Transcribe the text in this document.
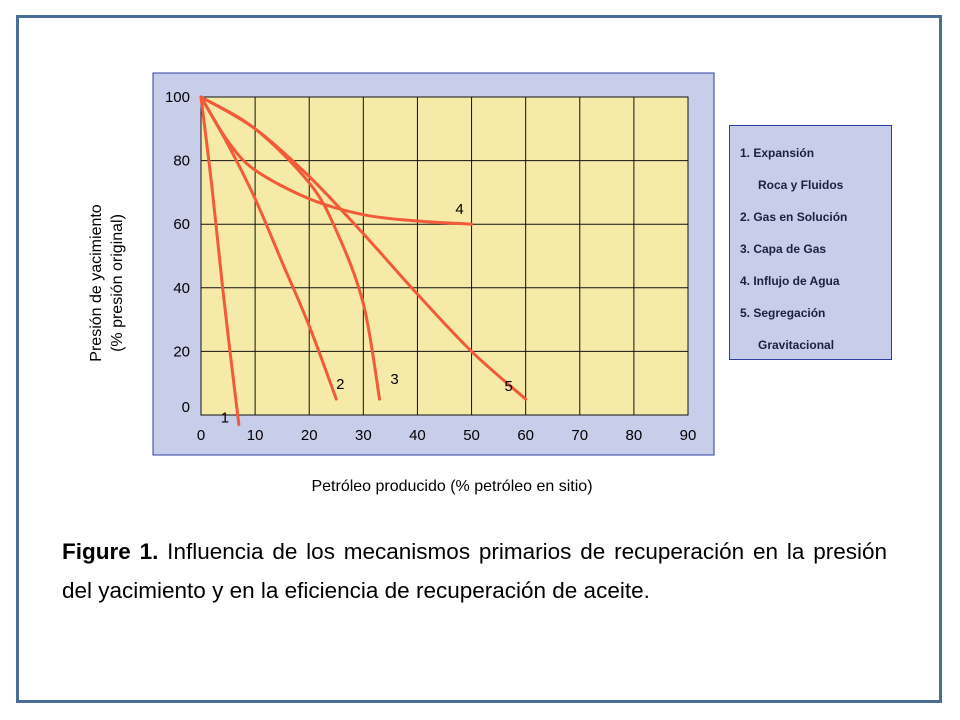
0	10 20 30 40 50 60 70 80 90
100
80
60
40
20
0
1
2	3
4
5
Petróleo producido (% petróleo en sitio)
Presión de yacimiento (% presión original)
1. Expansión
Roca y Fluidos
2. Gas en Solución
3. Capa de Gas
4. Influjo de Agua
5. Segregación
Gravitacional
Figure 1. Influencia de los mecanismos primarios de recuperación en la presión del yacimiento y en la eficiencia de recuperación de aceite.
